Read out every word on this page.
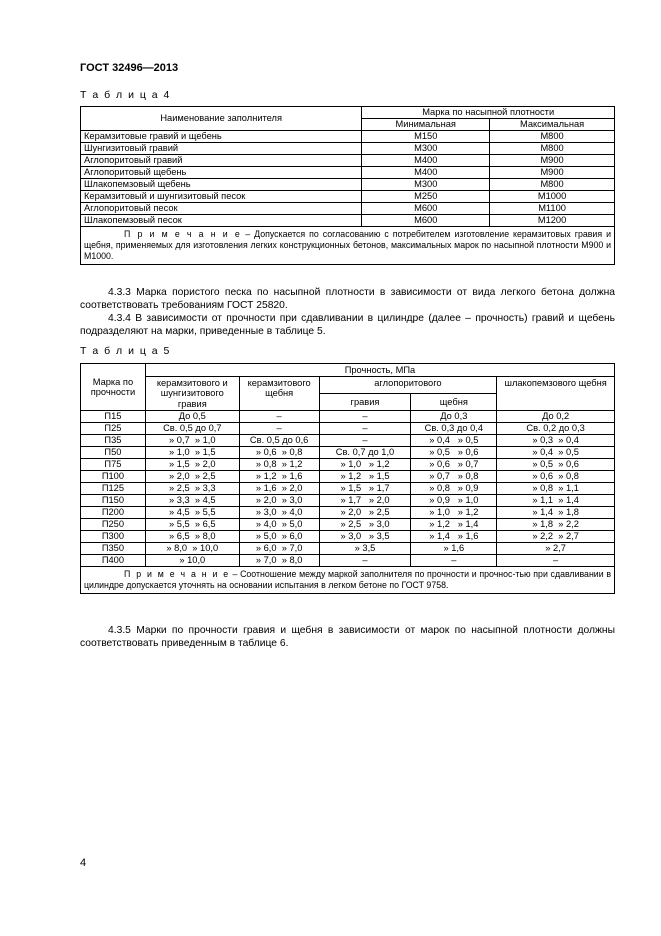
ГОСТ 32496—2013
Т а б л и ц а 4
Наименование заполнителя	Марка по насыпной плотности	
	Минимальная	Максимальная
Керамзитовые гравий и щебень	М150	М800
Шунгизитовый гравий	М300	М800
Аглопоритовый гравий	М400	М900
Аглопоритовый щебень	М400	М900
Шлакопемзовый щебень	М300	М800
Керамзитовый и шунгизитовый песок	М250	М1000
Аглопоритовый песок	М600	М1100
Шлакопемзовый песок	М600	М1200
П р и м е ч а н и е – Допускается по согласованию с потребителем изготовление керамзитовых гравия и щебня, применяемых для изготовления легких конструкционных бетонов, максимальных марок по насыпной плотности М900 и М1000.		

4.3.3 Марка пористого песка по насыпной плотности в зависимости от вида легкого бетона должна соответствовать требованиям ГОСТ 25820.

4.3.4 В зависимости от прочности при сдавливании в цилиндре (далее – прочность) гравий и щебень подразделяют на марки, приведенные в таблице 5.

Т а б л и ц а 5
Марка по прочности	Прочность, МПа				
	керамзитового и шунгизитового гравия	керамзитового щебня	аглопоритового		шлакопемзового щебня
			гравия	щебня	
П15	До 0,5	–	–	До 0,3	До 0,2
П25	Св. 0,5 до 0,7	–	–	Св. 0,3 до 0,4	Св. 0,2 до 0,3
П35	» 0,7  » 1,0	Св. 0,5 до 0,6	–	» 0,4   » 0,5	» 0,3  » 0,4
П50	» 1,0  » 1,5	» 0,6  » 0,8	Св. 0,7 до 1,0	» 0,5   » 0,6	» 0,4  » 0,5
П75	» 1,5  » 2,0	» 0,8  » 1,2	» 1,0   » 1,2	» 0,6   » 0,7	» 0,5  » 0,6
П100	» 2,0  » 2,5	» 1,2  » 1,6	» 1,2   » 1,5	» 0,7   » 0,8	» 0,6  » 0,8
П125	» 2,5  » 3,3	» 1,6  » 2,0	» 1,5   » 1,7	» 0,8   » 0,9	» 0,8  » 1,1
П150	» 3,3  » 4,5	» 2,0  » 3,0	» 1,7   » 2,0	» 0,9   » 1,0	» 1,1  » 1,4
П200	» 4,5  » 5,5	» 3,0  » 4,0	» 2,0   » 2,5	» 1,0   » 1,2	» 1,4  » 1,8
П250	» 5,5  » 6,5	» 4,0  » 5,0	» 2,5   » 3,0	» 1,2   » 1,4	» 1,8  » 2,2
П300	» 6,5  » 8,0	» 5,0  » 6,0	» 3,0   » 3,5	» 1,4   » 1,6	» 2,2  » 2,7
П350	» 8,0  » 10,0	» 6,0  » 7,0	» 3,5	» 1,6	» 2,7
П400	» 10,0	» 7,0  » 8,0	–	–	–
П р и м е ч а н и е – Соотношение между маркой заполнителя по прочности и прочнос-тью при сдавливании в цилиндре допускается уточнять на основании испытания в легком бетоне по ГОСТ 9758.					

4.3.5 Марки по прочности гравия и щебня в зависимости от марок по насыпной плотности должны соответствовать приведенным в таблице 6.

4
